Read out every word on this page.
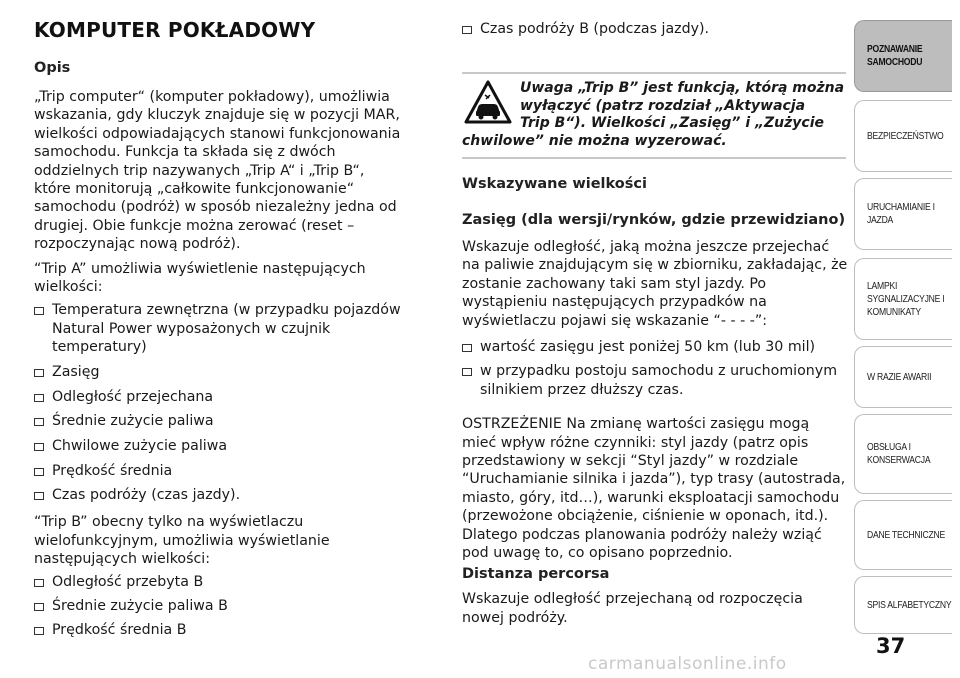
KOMPUTER POKŁADOWY
Opis
„Trip computer“ (komputer pokładowy), umożliwia
wskazania, gdy kluczyk znajduje się w pozycji MAR,
wielkości odpowiadających stanowi funkcjonowania
samochodu. Funkcja ta składa się z dwóch
oddzielnych trip nazywanych „Trip A“ i „Trip B“,
które monitorują „całkowite funkcjonowanie“
samochodu (podróż) w sposób niezależny jedna od
drugiej. Obie funkcje można zerować (reset –
rozpoczynając nową podróż).
“Trip A” umożliwia wyświetlenie następujących
wielkości:
Temperatura zewnętrzna (w przypadku pojazdów
Natural Power wyposażonych w czujnik
temperatury)
Zasięg
Odległość przejechana
Średnie zużycie paliwa
Chwilowe zużycie paliwa
Prędkość średnia
Czas podróży (czas jazdy).
“Trip B” obecny tylko na wyświetlaczu
wielofunkcyjnym, umożliwia wyświetlanie
następujących wielkości:
Odległość przebyta B
Średnie zużycie paliwa B
Prędkość średnia B
Czas podróży B (podczas jazdy).
Uwaga „Trip B” jest funkcją, którą można
wyłączyć (patrz rozdział „Aktywacja
Trip B“). Wielkości „Zasięg” i „Zużycie
chwilowe” nie można wyzerować.
Wskazywane wielkości
Zasięg (dla wersji/rynków, gdzie przewidziano)
Wskazuje odległość, jaką można jeszcze przejechać
na paliwie znajdującym się w zbiorniku, zakładając, że
zostanie zachowany taki sam styl jazdy. Po
wystąpieniu następujących przypadków na
wyświetlaczu pojawi się wskazanie “- - - -”:
wartość zasięgu jest poniżej 50 km (lub 30 mil)
w przypadku postoju samochodu z uruchomionym
silnikiem przez dłuższy czas.
OSTRZEŻENIE Na zmianę wartości zasięgu mogą
mieć wpływ różne czynniki: styl jazdy (patrz opis
przedstawiony w sekcji “Styl jazdy” w rozdziale
“Uruchamianie silnika i jazda”), typ trasy (autostrada,
miasto, góry, itd…), warunki eksploatacji samochodu
(przewożone obciążenie, ciśnienie w oponach, itd.).
Dlatego podczas planowania podróży należy wziąć
pod uwagę to, co opisano poprzednio.
Distanza percorsa
Wskazuje odległość przejechaną od rozpoczęcia
nowej podróży.
POZNAWANIE
SAMOCHODU
BEZPIECZEŃSTWO
URUCHAMIANIE I
JAZDA
LAMPKI
SYGNALIZACYJNE I
KOMUNIKATY
W RAZIE AWARII
OBSŁUGA I
KONSERWACJA
DANE TECHNICZNE
SPIS ALFABETYCZNY
37
carmanualsonline.info
